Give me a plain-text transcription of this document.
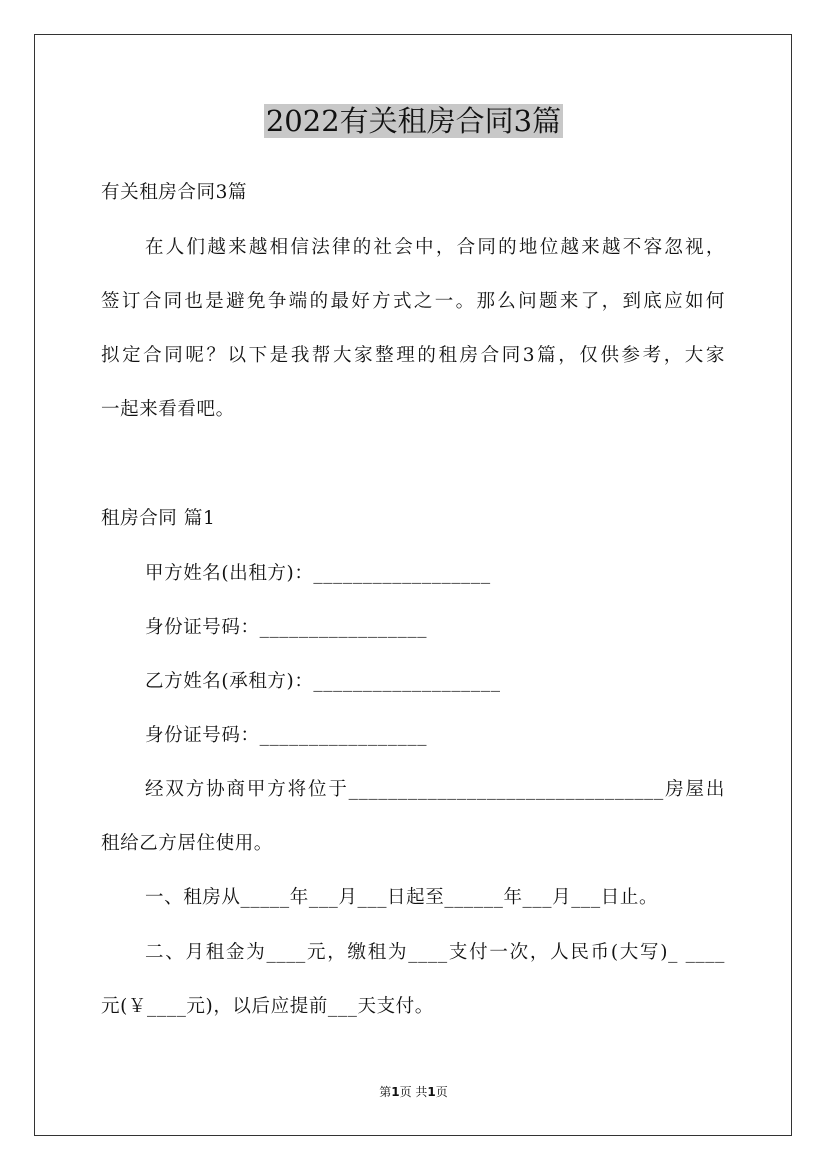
2022有关租房合同3篇
有关租房合同3篇
在人们越来越相信法律的社会中，合同的地位越来越不容忽视，
签订合同也是避免争端的最好方式之一。那么问题来了，到底应如何
拟定合同呢？以下是我帮大家整理的租房合同3篇，仅供参考，大家
一起来看看吧。
租房合同 篇1
甲方姓名(出租方)：__________________
身份证号码：_________________
乙方姓名(承租方)：___________________
身份证号码：_________________
经双方协商甲方将位于________________________________房屋出
租给乙方居住使用。
一、租房从_____年___月___日起至______年___月___日止。
二、月租金为____元，缴租为____支付一次，人民币(大写)_ ____
元(￥____元)，以后应提前___天支付。
第1页 共1页
